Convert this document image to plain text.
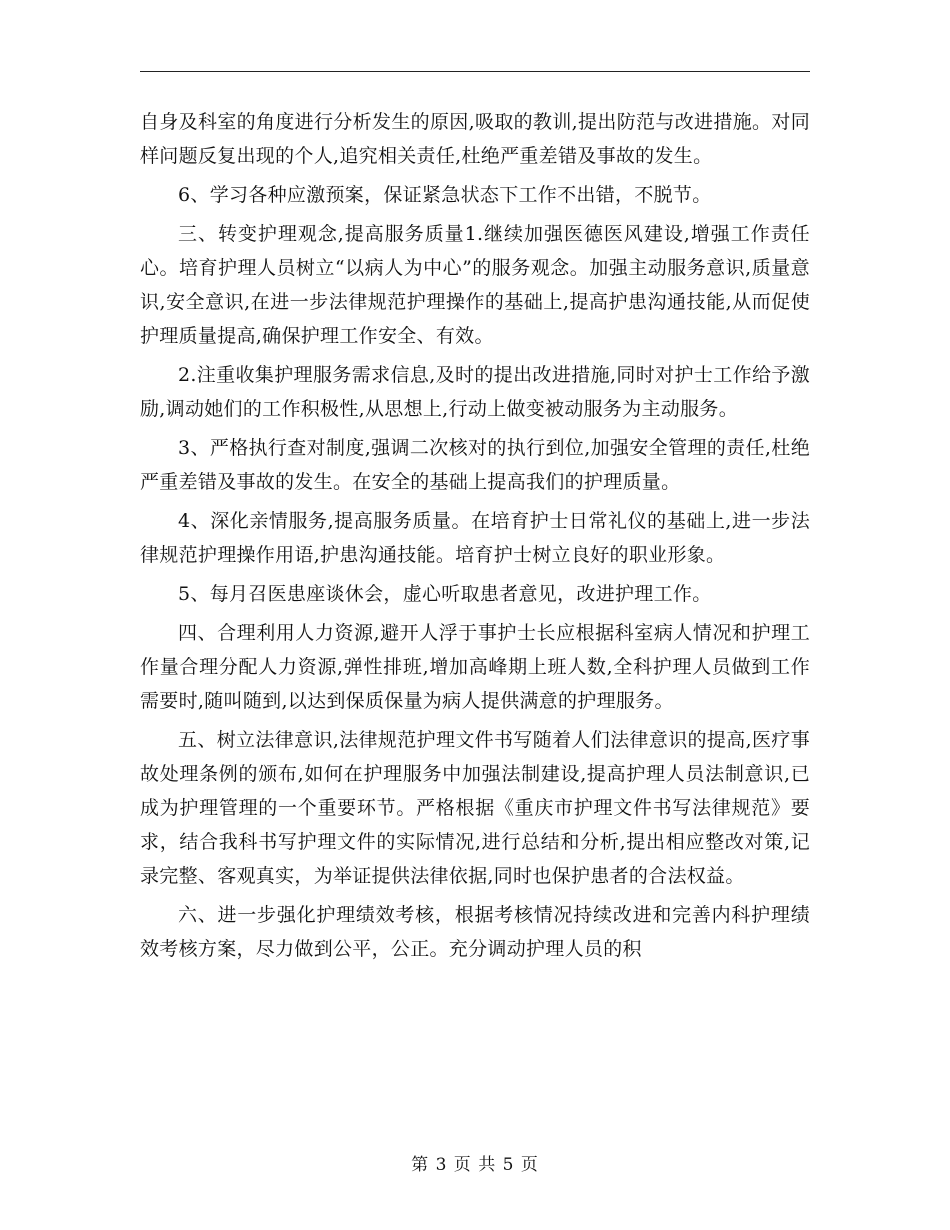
自身及科室的角度进行分析发生的原因,吸取的教训,提出防范与改进措施。对同样问题反复出现的个人,追究相关责任,杜绝严重差错及事故的发生。

6、学习各种应激预案，保证紧急状态下工作不出错，不脱节。

三、转变护理观念,提高服务质量1.继续加强医德医风建设,增强工作责任心。培育护理人员树立“以病人为中心”的服务观念。加强主动服务意识,质量意识,安全意识,在进一步法律规范护理操作的基础上,提高护患沟通技能,从而促使护理质量提高,确保护理工作安全、有效。

2.注重收集护理服务需求信息,及时的提出改进措施,同时对护士工作给予激励,调动她们的工作积极性,从思想上,行动上做变被动服务为主动服务。

3、严格执行查对制度,强调二次核对的执行到位,加强安全管理的责任,杜绝严重差错及事故的发生。在安全的基础上提高我们的护理质量。

4、深化亲情服务,提高服务质量。在培育护士日常礼仪的基础上,进一步法律规范护理操作用语,护患沟通技能。培育护士树立良好的职业形象。

5、每月召医患座谈休会，虚心听取患者意见，改进护理工作。

四、合理利用人力资源,避开人浮于事护士长应根据科室病人情况和护理工作量合理分配人力资源,弹性排班,增加高峰期上班人数,全科护理人员做到工作需要时,随叫随到,以达到保质保量为病人提供满意的护理服务。

五、树立法律意识,法律规范护理文件书写随着人们法律意识的提高,医疗事故处理条例的颁布,如何在护理服务中加强法制建设,提高护理人员法制意识,已成为护理管理的一个重要环节。严格根据《重庆市护理文件书写法律规范》要求，结合我科书写护理文件的实际情况,进行总结和分析,提出相应整改对策,记录完整、客观真实，为举证提供法律依据,同时也保护患者的合法权益。

六、进一步强化护理绩效考核，根据考核情况持续改进和完善内科护理绩效考核方案，尽力做到公平，公正。充分调动护理人员的积

第 3 页 共 5 页
